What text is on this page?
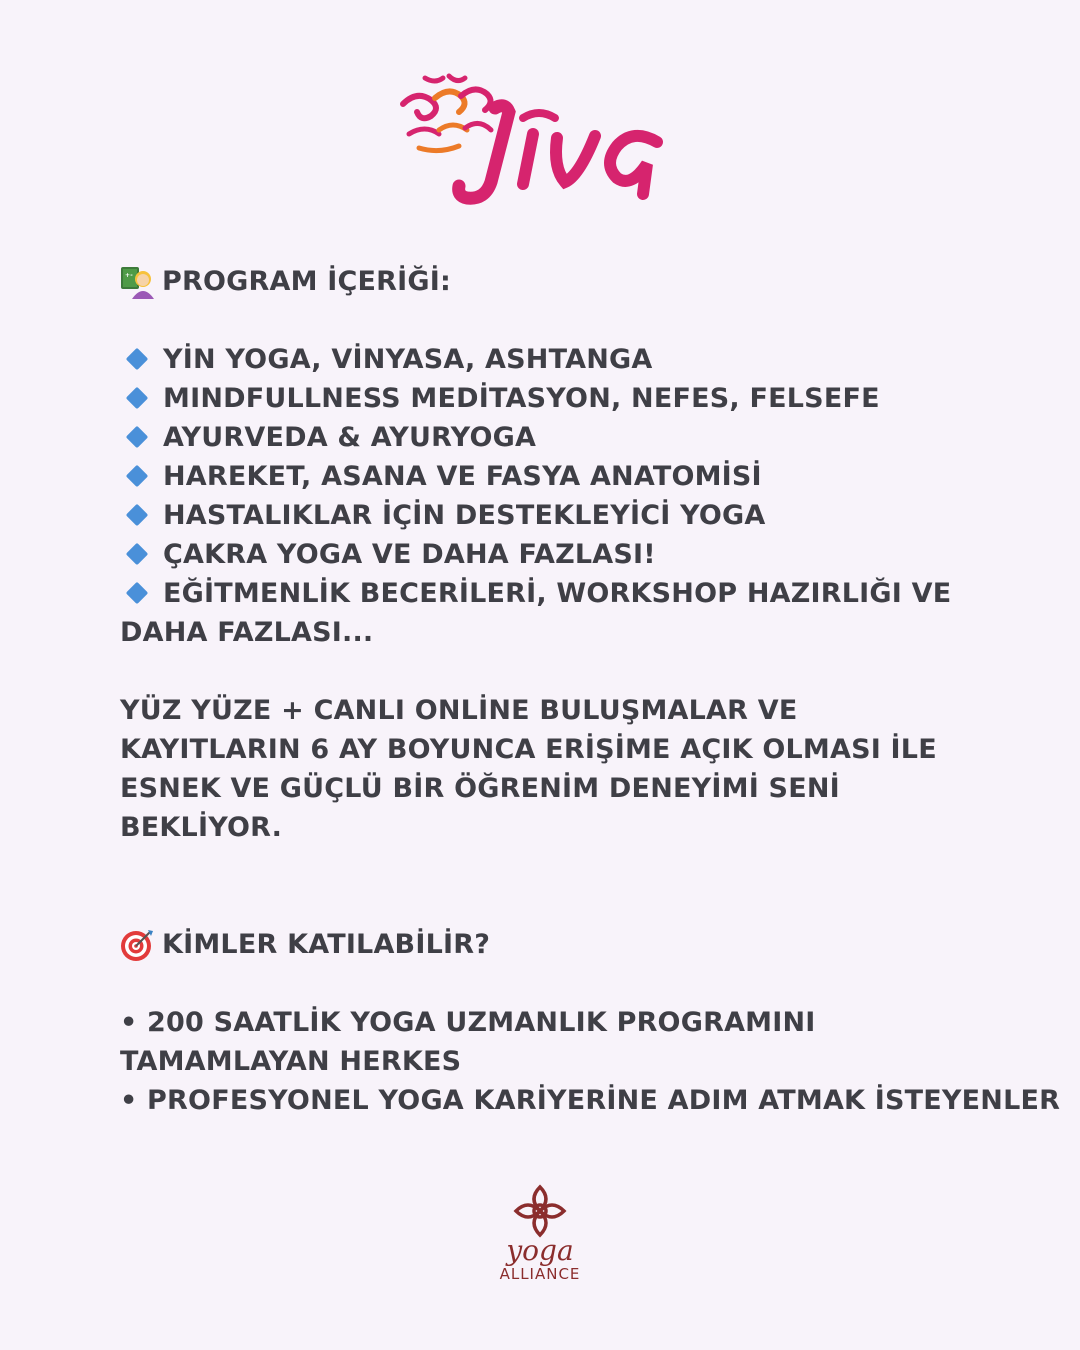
+- PROGRAM İÇERİĞİ:
YİN YOGA, VİNYASA, ASHTANGA
MINDFULLNESS MEDİTASYON, NEFES, FELSEFE
AYURVEDA & AYURYOGA
HAREKET, ASANA VE FASYA ANATOMİSİ
HASTALIKLAR İÇİN DESTEKLEYİCİ YOGA
ÇAKRA YOGA VE DAHA FAZLASI!
EĞİTMENLİK BECERİLERİ, WORKSHOP HAZIRLIĞI VE DAHA FAZLASI...
YÜZ YÜZE + CANLI ONLİNE BULUŞMALAR VE KAYITLARIN 6 AY BOYUNCA ERİŞİME AÇIK OLMASI İLE ESNEK VE GÜÇLÜ BİR ÖĞRENİM DENEYİMİ SENİ BEKLİYOR.
KİMLER KATILABİLİR?
• 200 SAATLİK YOGA UZMANLIK PROGRAMINI TAMAMLAYAN HERKES
• PROFESYONEL YOGA KARİYERİNE ADIM ATMAK İSTEYENLER
yoga
ALLIANCE
